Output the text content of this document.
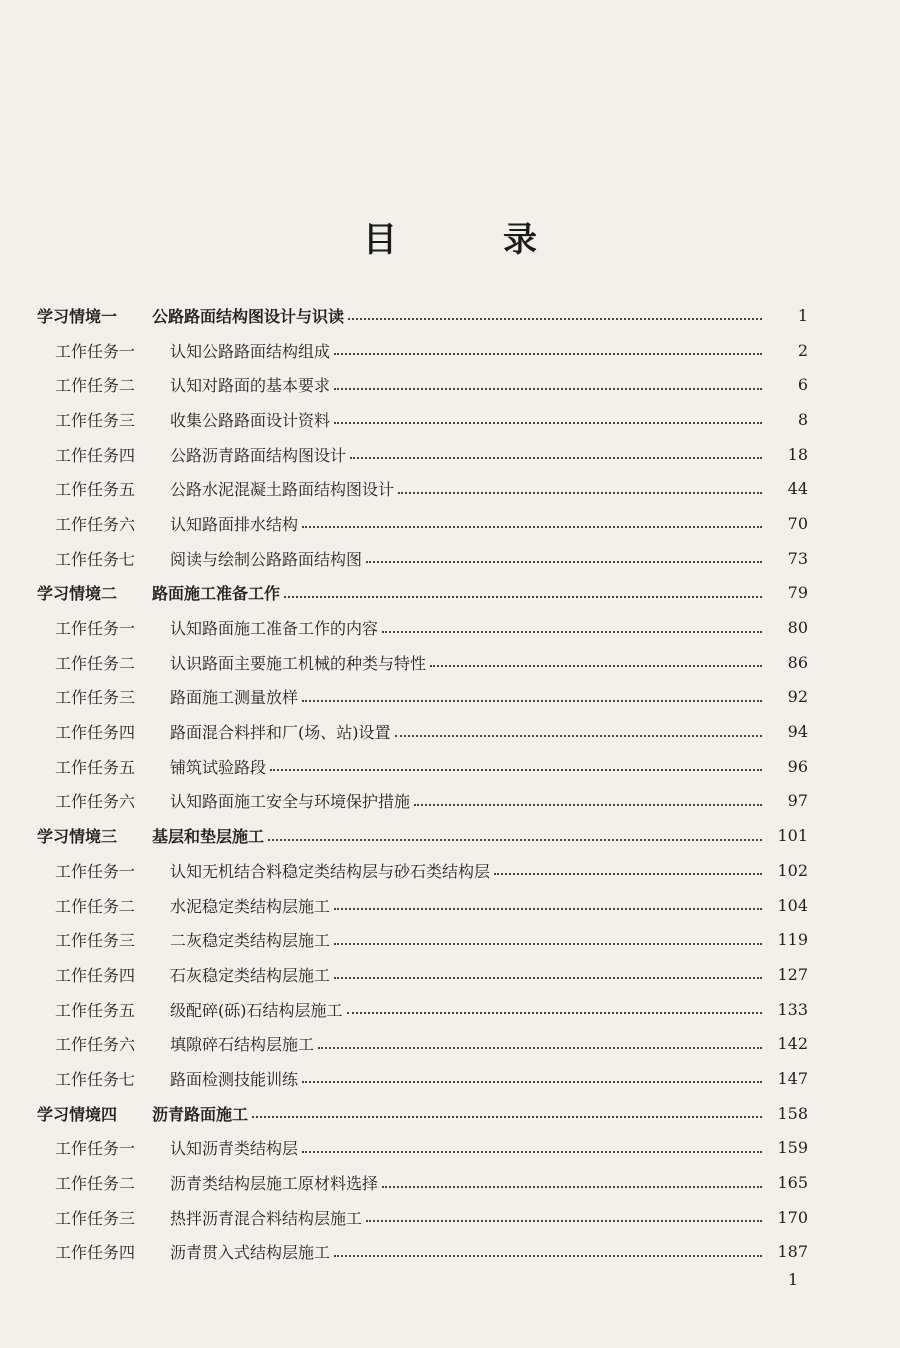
目　录
学习情境一	公路路面结构图设计与识读	1
工作任务一	认知公路路面结构组成	2
工作任务二	认知对路面的基本要求	6
工作任务三	收集公路路面设计资料	8
工作任务四	公路沥青路面结构图设计	18
工作任务五	公路水泥混凝土路面结构图设计	44
工作任务六	认知路面排水结构	70
工作任务七	阅读与绘制公路路面结构图	73
学习情境二	路面施工准备工作	79
工作任务一	认知路面施工准备工作的内容	80
工作任务二	认识路面主要施工机械的种类与特性	86
工作任务三	路面施工测量放样	92
工作任务四	路面混合料拌和厂(场、站)设置	94
工作任务五	铺筑试验路段	96
工作任务六	认知路面施工安全与环境保护措施	97
学习情境三	基层和垫层施工	101
工作任务一	认知无机结合料稳定类结构层与砂石类结构层	102
工作任务二	水泥稳定类结构层施工	104
工作任务三	二灰稳定类结构层施工	119
工作任务四	石灰稳定类结构层施工	127
工作任务五	级配碎(砾)石结构层施工	133
工作任务六	填隙碎石结构层施工	142
工作任务七	路面检测技能训练	147
学习情境四	沥青路面施工	158
工作任务一	认知沥青类结构层	159
工作任务二	沥青类结构层施工原材料选择	165
工作任务三	热拌沥青混合料结构层施工	170
工作任务四	沥青贯入式结构层施工	187
1
